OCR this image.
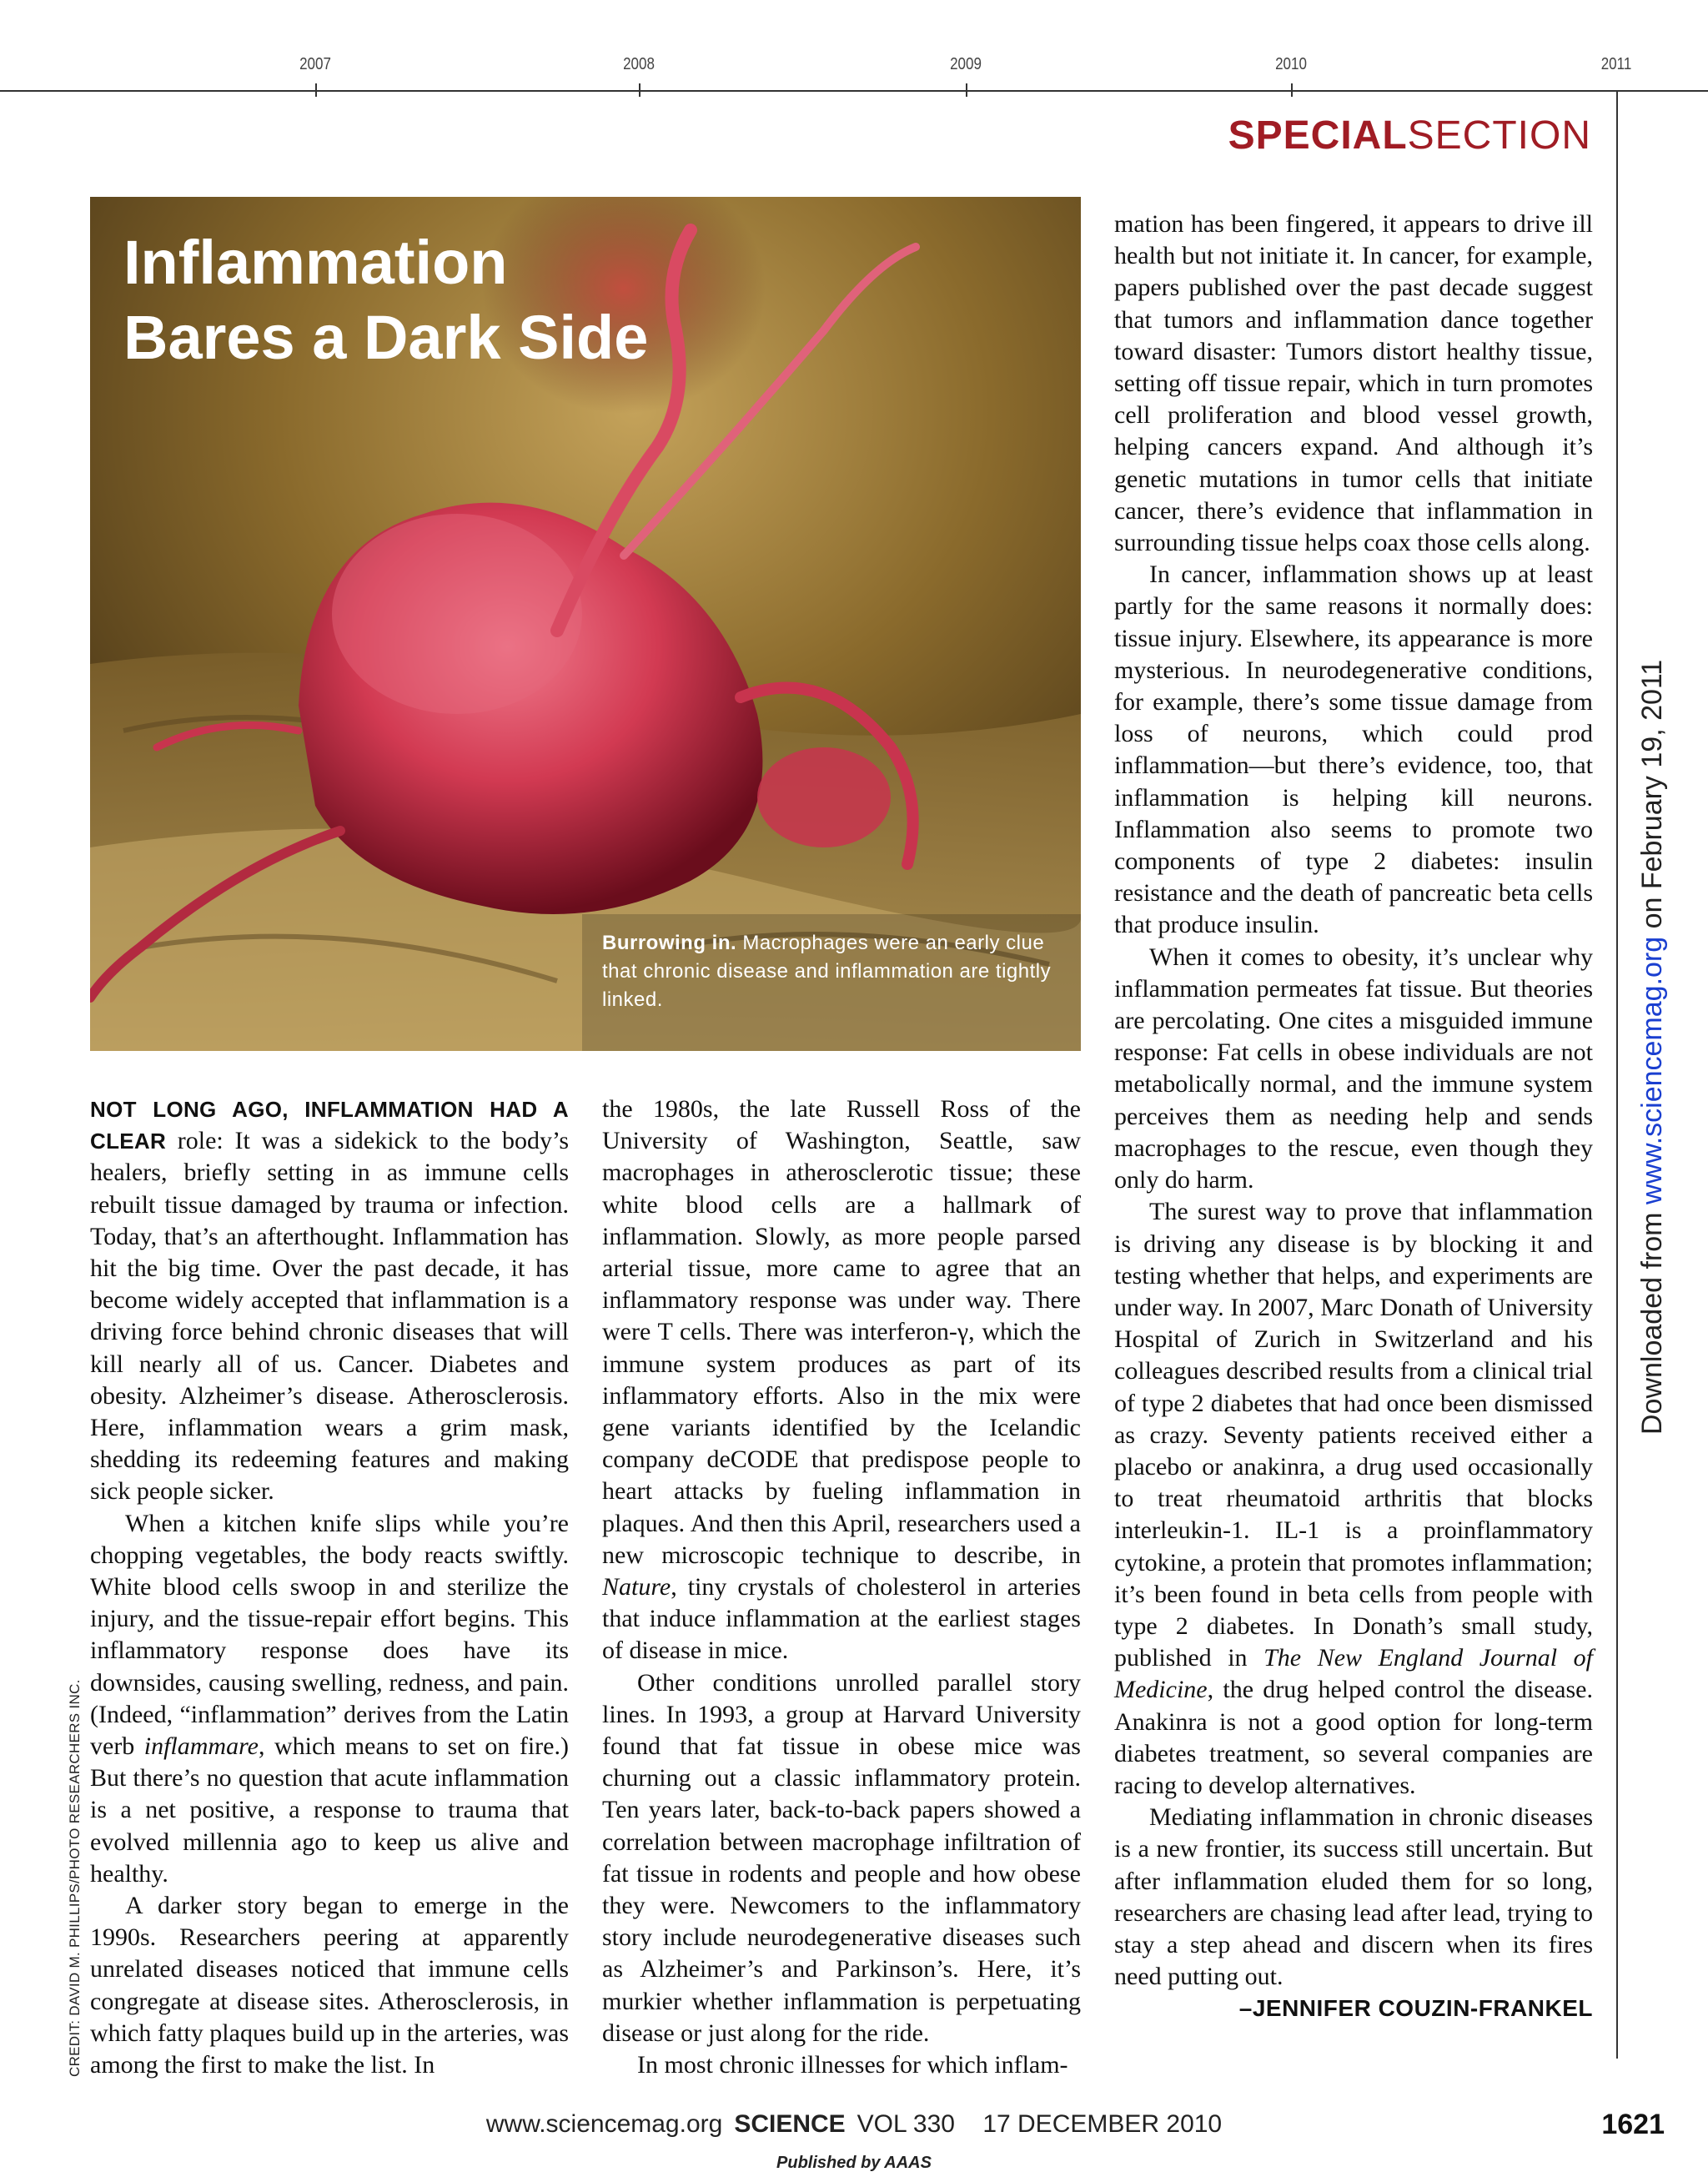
2007	2008	2009	2010	2011
SPECIALSECTION
Inflammation
Bares a Dark Side
Burrowing in. Macrophages were an early clue that chronic disease and inflammation are tightly linked.

NOT LONG AGO, INFLAMMATION HAD A CLEAR role: It was a sidekick to the body’s healers, briefly setting in as immune cells rebuilt tissue damaged by trauma or infection. Today, that’s an afterthought. Inflammation has hit the big time. Over the past decade, it has become widely accepted that inflammation is a driving force behind chronic diseases that will kill nearly all of us. Cancer. Diabetes and obesity. Alzheimer’s disease. Atherosclerosis. Here, inflammation wears a grim mask, shedding its redeeming features and making sick people sicker.

When a kitchen knife slips while you’re chopping vegetables, the body reacts swiftly. White blood cells swoop in and sterilize the injury, and the tissue-repair effort begins. This inflammatory response does have its downsides, causing swelling, redness, and pain. (Indeed, “inflammation” derives from the Latin verb inflammare, which means to set on fire.) But there’s no question that acute inflammation is a net positive, a response to trauma that evolved millennia ago to keep us alive and healthy.

A darker story began to emerge in the 1990s. Researchers peering at apparently unrelated diseases noticed that immune cells congregate at disease sites. Atherosclerosis, in which fatty plaques build up in the arteries, was among the first to make the list. In

the 1980s, the late Russell Ross of the University of Washington, Seattle, saw macrophages in atherosclerotic tissue; these white blood cells are a hallmark of inflammation. Slowly, as more people parsed arterial tissue, more came to agree that an inflammatory response was under way. There were T cells. There was interferon-γ, which the immune system produces as part of its inflammatory efforts. Also in the mix were gene variants identified by the Icelandic company deCODE that predispose people to heart attacks by fueling inflammation in plaques. And then this April, researchers used a new microscopic technique to describe, in Nature, tiny crystals of cholesterol in arteries that induce inflammation at the earliest stages of disease in mice.

Other conditions unrolled parallel story lines. In 1993, a group at Harvard University found that fat tissue in obese mice was churning out a classic inflammatory protein. Ten years later, back-to-back papers showed a correlation between macrophage infiltration of fat tissue in rodents and people and how obese they were. Newcomers to the inflammatory story include neurodegenerative diseases such as Alzheimer’s and Parkinson’s. Here, it’s murkier whether inflammation is perpetuating disease or just along for the ride.

In most chronic illnesses for which inflam-

mation has been fingered, it appears to drive ill health but not initiate it. In cancer, for example, papers published over the past decade suggest that tumors and inflammation dance together toward disaster: Tumors distort healthy tissue, setting off tissue repair, which in turn promotes cell proliferation and blood vessel growth, helping cancers expand. And although it’s genetic mutations in tumor cells that initiate cancer, there’s evidence that inflammation in surrounding tissue helps coax those cells along.

In cancer, inflammation shows up at least partly for the same reasons it normally does: tissue injury. Elsewhere, its appearance is more mysterious. In neurodegenerative conditions, for example, there’s some tissue damage from loss of neurons, which could prod inflammation—but there’s evidence, too, that inflammation is helping kill neurons. Inflammation also seems to promote two components of type 2 diabetes: insulin resistance and the death of pancreatic beta cells that produce insulin.

When it comes to obesity, it’s unclear why inflammation permeates fat tissue. But theories are percolating. One cites a misguided immune response: Fat cells in obese individuals are not metabolically normal, and the immune system perceives them as needing help and sends macrophages to the rescue, even though they only do harm.

The surest way to prove that inflammation is driving any disease is by blocking it and testing whether that helps, and experiments are under way. In 2007, Marc Donath of University Hospital of Zurich in Switzerland and his colleagues described results from a clinical trial of type 2 diabetes that had once been dismissed as crazy. Seventy patients received either a placebo or anakinra, a drug used occasionally to treat rheumatoid arthritis that blocks interleukin-1. IL-1 is a proinflammatory cytokine, a protein that promotes inflammation; it’s been found in beta cells from people with type 2 diabetes. In Donath’s small study, published in The New England Journal of Medicine, the drug helped control the disease. Anakinra is not a good option for long-term diabetes treatment, so several companies are racing to develop alternatives.

Mediating inflammation in chronic diseases is a new frontier, its success still uncertain. But after inflammation eluded them for so long, researchers are chasing lead after lead, trying to stay a step ahead and discern when its fires need putting out.

–JENNIFER COUZIN-FRANKEL
Downloaded from www.sciencemag.org on February 19, 2011
CREDIT: DAVID M. PHILLIPS/PHOTO RESEARCHERS INC.
www.sciencemag.org SCIENCE VOL 330    17 DECEMBER 2010	1621
Published by AAAS
